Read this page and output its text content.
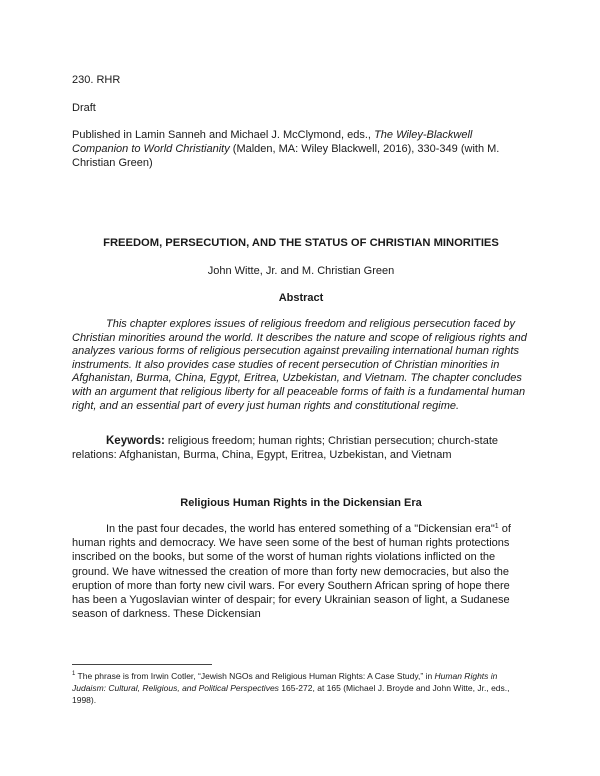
230. RHR
Draft
Published in Lamin Sanneh and Michael J. McClymond, eds., The Wiley-Blackwell Companion to World Christianity (Malden, MA: Wiley Blackwell, 2016), 330-349 (with M. Christian Green)
FREEDOM, PERSECUTION, AND THE STATUS OF CHRISTIAN MINORITIES
John Witte, Jr. and M. Christian Green
Abstract
This chapter explores issues of religious freedom and religious persecution faced by Christian minorities around the world. It describes the nature and scope of religious rights and analyzes various forms of religious persecution against prevailing international human rights instruments. It also provides case studies of recent persecution of Christian minorities in Afghanistan, Burma, China, Egypt, Eritrea, Uzbekistan, and Vietnam. The chapter concludes with an argument that religious liberty for all peaceable forms of faith is a fundamental human right, and an essential part of every just human rights and constitutional regime.
Keywords: religious freedom; human rights; Christian persecution; church-state relations: Afghanistan, Burma, China, Egypt, Eritrea, Uzbekistan, and Vietnam
Religious Human Rights in the Dickensian Era
In the past four decades, the world has entered something of a "Dickensian era"$^1$ of human rights and democracy. We have seen some of the best of human rights protections inscribed on the books, but some of the worst of human rights violations inflicted on the ground. We have witnessed the creation of more than forty new democracies, but also the eruption of more than forty new civil wars. For every Southern African spring of hope there has been a Yugoslavian winter of despair; for every Ukrainian season of light, a Sudanese season of darkness. These Dickensian
$^1$ The phrase is from Irwin Cotler, “Jewish NGOs and Religious Human Rights: A Case Study,” in Human Rights in Judaism: Cultural, Religious, and Political Perspectives 165-272, at 165 (Michael J. Broyde and John Witte, Jr., eds., 1998).
